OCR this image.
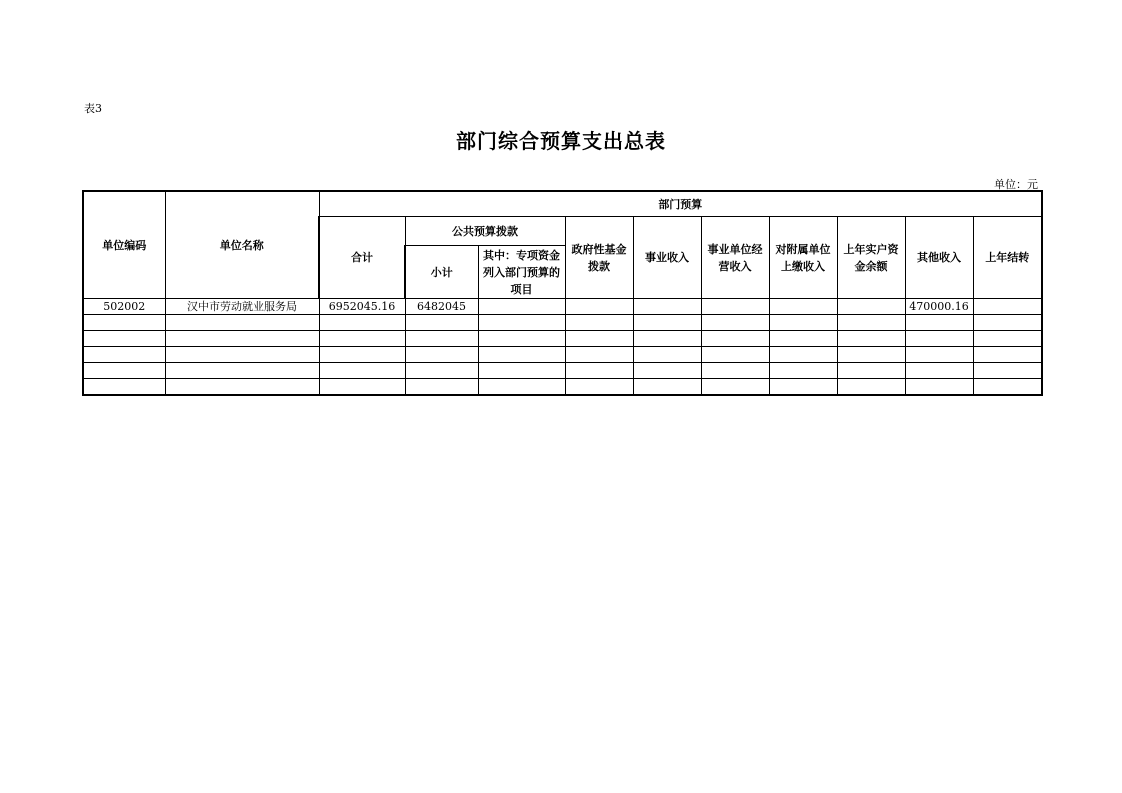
表3
部门综合预算支出总表
单位：元
单位编码	单位名称	部门预算									
		合计	公共预算拨款		政府性基金拨款	事业收入	事业单位经营收入	对附属单位上缴收入	上年实户资金余额	其他收入	上年结转
			小计	其中：专项资金列入部门预算的项目							
502002	汉中市劳动就业服务局	6952045.16	6482045							470000.16	
